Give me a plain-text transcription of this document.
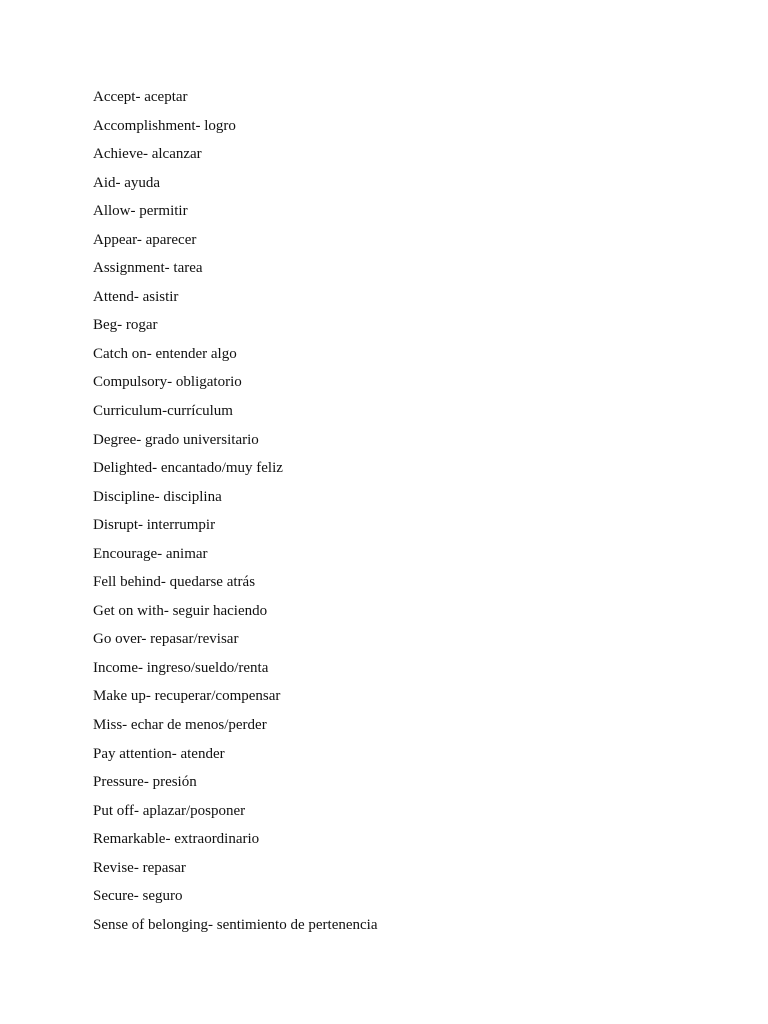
Accept- aceptar
Accomplishment- logro
Achieve- alcanzar
Aid- ayuda
Allow- permitir
Appear- aparecer
Assignment- tarea
Attend- asistir
Beg- rogar
Catch on- entender algo
Compulsory- obligatorio
Curriculum-currículum
Degree- grado universitario
Delighted- encantado/muy feliz
Discipline- disciplina
Disrupt- interrumpir
Encourage- animar
Fell behind- quedarse atrás
Get on with- seguir haciendo
Go over- repasar/revisar
Income- ingreso/sueldo/renta
Make up- recuperar/compensar
Miss- echar de menos/perder
Pay attention- atender
Pressure- presión
Put off- aplazar/posponer
Remarkable- extraordinario
Revise- repasar
Secure- seguro
Sense of belonging- sentimiento de pertenencia
